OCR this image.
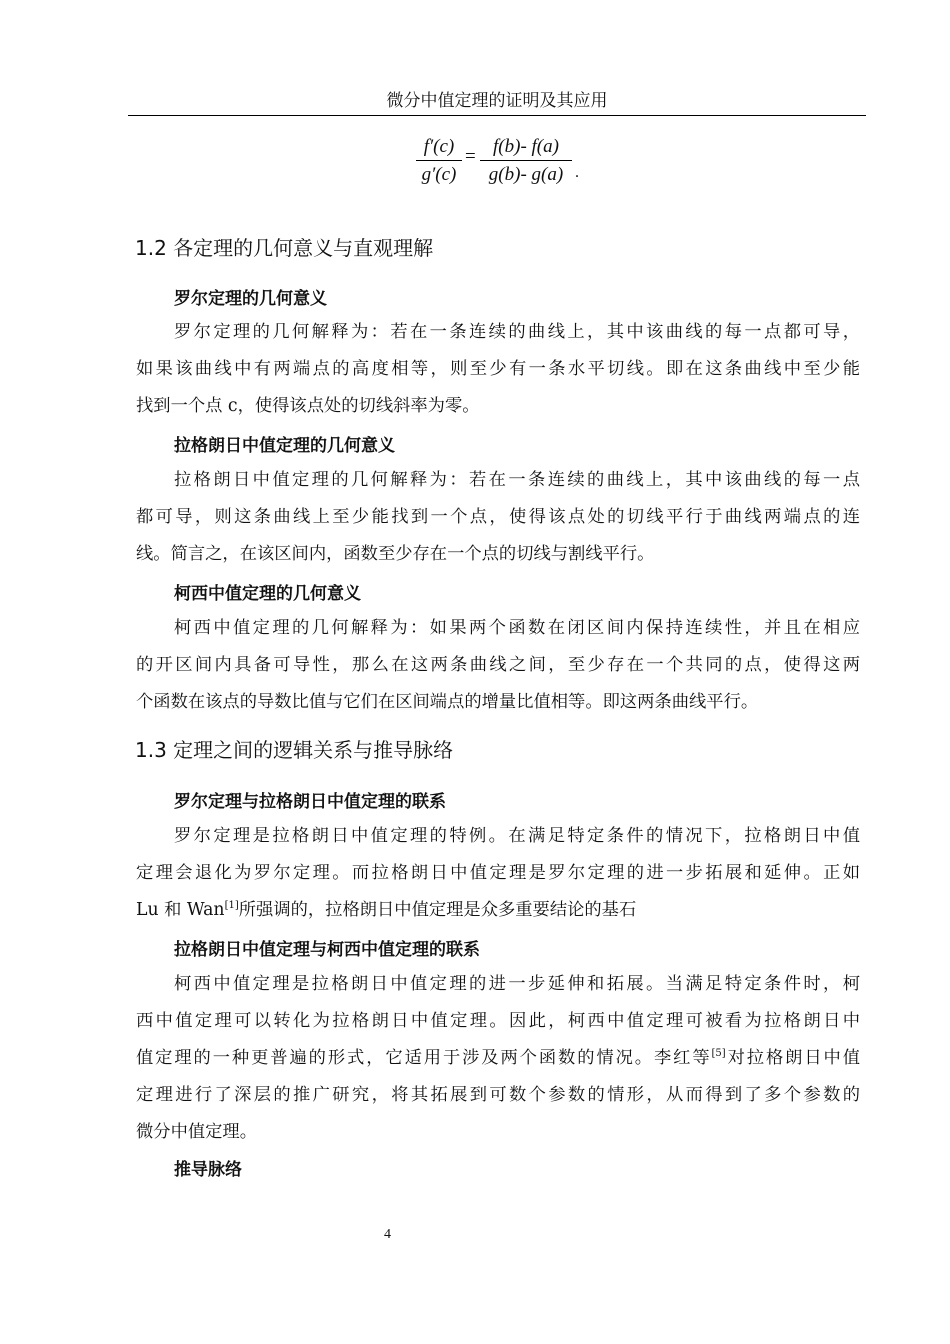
微分中值定理的证明及其应用
$\frac{f'(c)}{g'(c)} = \frac{f(b)- f(a)}{g(b)- g(a)}$ .
1.2 各定理的几何意义与直观理解
罗尔定理的几何意义
罗尔定理的几何解释为：若在一条连续的曲线上，其中该曲线的每一点都可导，
如果该曲线中有两端点的高度相等，则至少有一条水平切线。即在这条曲线中至少能
找到一个点 c，使得该点处的切线斜率为零。
拉格朗日中值定理的几何意义
拉格朗日中值定理的几何解释为：若在一条连续的曲线上，其中该曲线的每一点
都可导，则这条曲线上至少能找到一个点，使得该点处的切线平行于曲线两端点的连
线。简言之，在该区间内，函数至少存在一个点的切线与割线平行。
柯西中值定理的几何意义
柯西中值定理的几何解释为：如果两个函数在闭区间内保持连续性，并且在相应
的开区间内具备可导性，那么在这两条曲线之间，至少存在一个共同的点，使得这两
个函数在该点的导数比值与它们在区间端点的增量比值相等。即这两条曲线平行。
1.3 定理之间的逻辑关系与推导脉络
罗尔定理与拉格朗日中值定理的联系
罗尔定理是拉格朗日中值定理的特例。在满足特定条件的情况下，拉格朗日中值
定理会退化为罗尔定理。而拉格朗日中值定理是罗尔定理的进一步拓展和延伸。正如
Lu 和 Wan[1]所强调的，拉格朗日中值定理是众多重要结论的基石
拉格朗日中值定理与柯西中值定理的联系
柯西中值定理是拉格朗日中值定理的进一步延伸和拓展。当满足特定条件时，柯
西中值定理可以转化为拉格朗日中值定理。因此，柯西中值定理可被看为拉格朗日中
值定理的一种更普遍的形式，它适用于涉及两个函数的情况。李红等[5]对拉格朗日中值
定理进行了深层的推广研究，将其拓展到可数个参数的情形，从而得到了多个参数的
微分中值定理。
推导脉络
4
